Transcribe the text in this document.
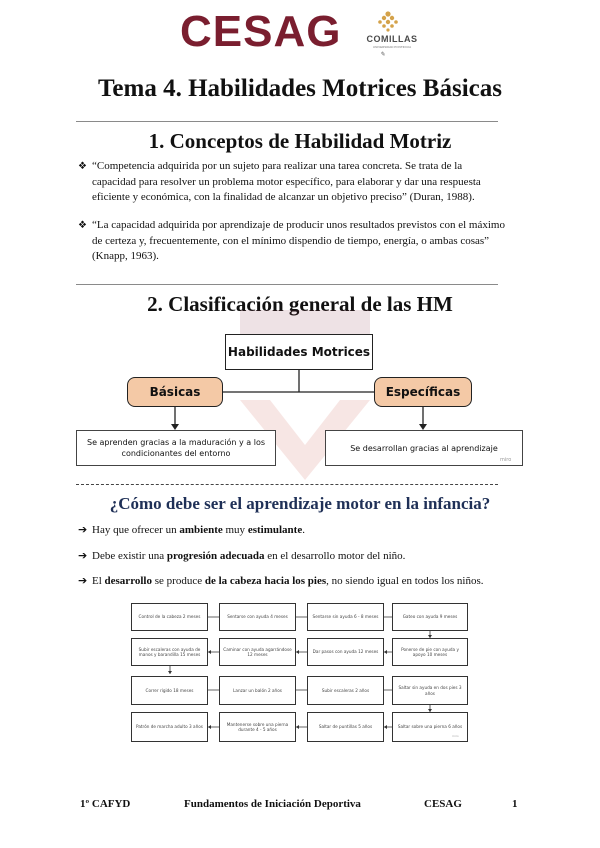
CESAG	COMILLAS
UNIVERSIDAD PONTIFICIA
✎
Tema 4. Habilidades Motrices Básicas
1. Conceptos de Habilidad Motriz
❖ “Competencia adquirida por un sujeto para realizar una tarea concreta. Se trata de la capacidad para resolver un problema motor específico, para elaborar y dar una respuesta eficiente y económica, con la finalidad de alcanzar un objetivo preciso” (Duran, 1988).
❖ “La capacidad adquirida por aprendizaje de producir unos resultados previstos con el máximo de certeza y, frecuentemente, con el mínimo dispendio de tiempo, energía, o ambas cosas” (Knapp, 1963).
2. Clasificación general de las HM
Habilidades Motrices
Básicas	Específicas
Se aprenden gracias a la maduración y a los condicionantes del entorno
Se desarrollan gracias al aprendizaje
miro
¿Cómo debe ser el aprendizaje motor en la infancia?
➔ Hay que ofrecer un ambiente muy estimulante.
➔ Debe existir una progresión adecuada en el desarrollo motor del niño.
➔ El desarrollo se produce de la cabeza hacia los pies, no siendo igual en todos los niños.
Control de la cabeza 2 meses	Sentarse con ayuda 4 meses	Sentarse sin ayuda 6 - 8 meses	Gateo con ayuda 9 meses
Subir escaleras con ayuda de manos y barandilla 15 meses
Caminar con ayuda agarrándose 12 meses
Dar pasos con ayuda 12 meses
Ponerse de pie con ayuda y apoyo 10 meses
Correr rígido 18 meses	Lanzar un balón 2 años	Subir escaleras 2 años
Saltar sin ayuda en dos pies 3 años
Patrón de marcha adulto 3 años
Mantenerse sobre una pierna durante 4 - 5 años
Saltar de puntillas 5 años	Saltar sobre una pierna 6 años
miro
1º CAFYD	Fundamentos de Iniciación Deportiva	CESAG	1
